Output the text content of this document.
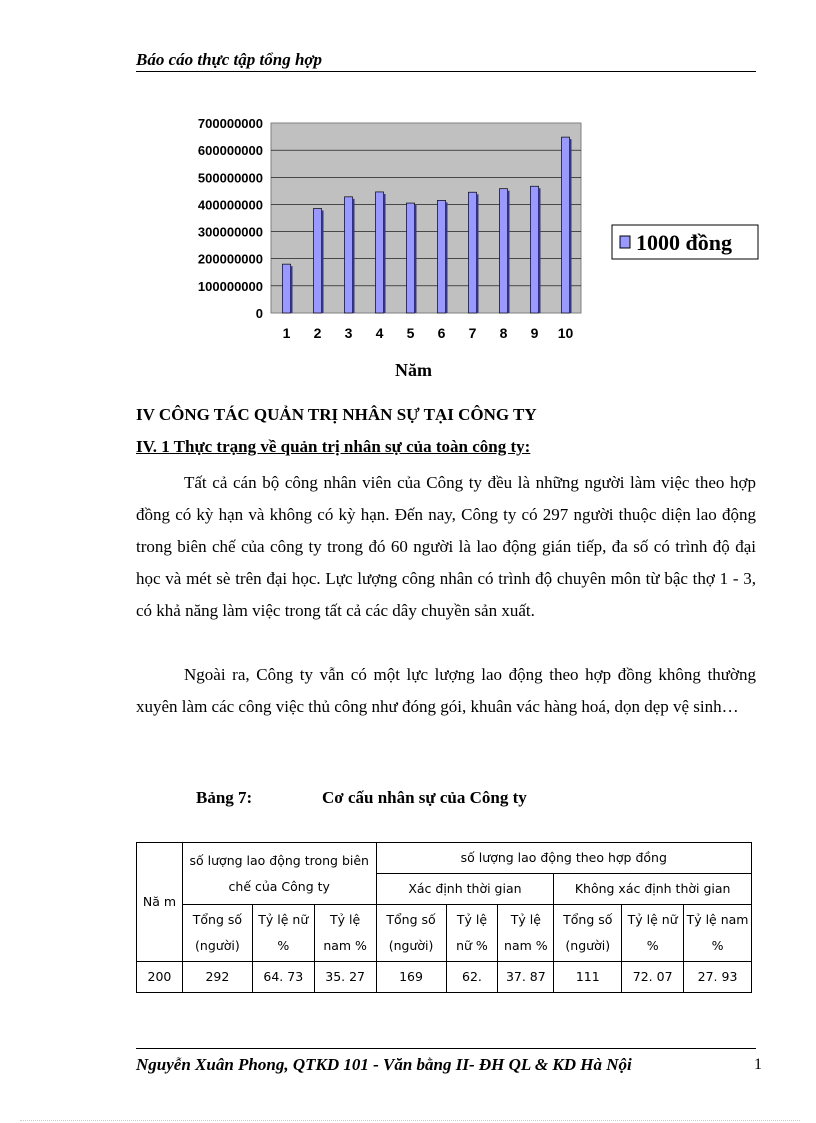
Báo cáo thực tập tổng hợp
700000000
600000000
500000000
400000000
300000000
200000000
100000000
0
1 2 3 4 5 6 7 8 9 10
1000 đồng
Năm
IV CÔNG TÁC QUẢN TRỊ NHÂN SỰ TẠI CÔNG TY
IV. 1 Thực trạng về quản trị nhân sự của toàn công ty:

Tất cả cán bộ công nhân viên của Công ty đều là những người làm việc theo hợp đồng có kỳ hạn và không có kỳ hạn. Đến nay, Công ty có 297 người thuộc diện lao động trong biên chế của công ty trong đó 60 người là lao động gián tiếp, đa số có trình độ đại học và mét sè trên đại học. Lực lượng công nhân có trình độ chuyên môn từ bậc thợ 1 - 3, có khả năng làm việc trong tất cả các dây chuyền sản xuất.

Ngoài ra, Công ty vẫn có một lực lượng lao động theo hợp đồng không thường xuyên làm các công việc thủ công như đóng gói, khuân vác hàng hoá, dọn dẹp vệ sinh…

Bảng 7:	Cơ cấu nhân sự của Công ty
Nă m	số lượng lao động trong biên chế của Công ty			số lượng lao động theo hợp đồng					
				Xác định thời gian			Không xác định thời gian		
	Tổng số (người)	Tỷ lệ nữ %	Tỷ lệ nam %	Tổng số (người)	Tỷ lệ nữ %	Tỷ lệ nam %	Tổng số (người)	Tỷ lệ nữ %	Tỷ lệ nam %
200	292	64. 73	35. 27	169	62.	37. 87	111	72. 07	27. 93
Nguyễn Xuân Phong, QTKD 101 - Văn bằng II- ĐH QL & KD Hà Nội	1
